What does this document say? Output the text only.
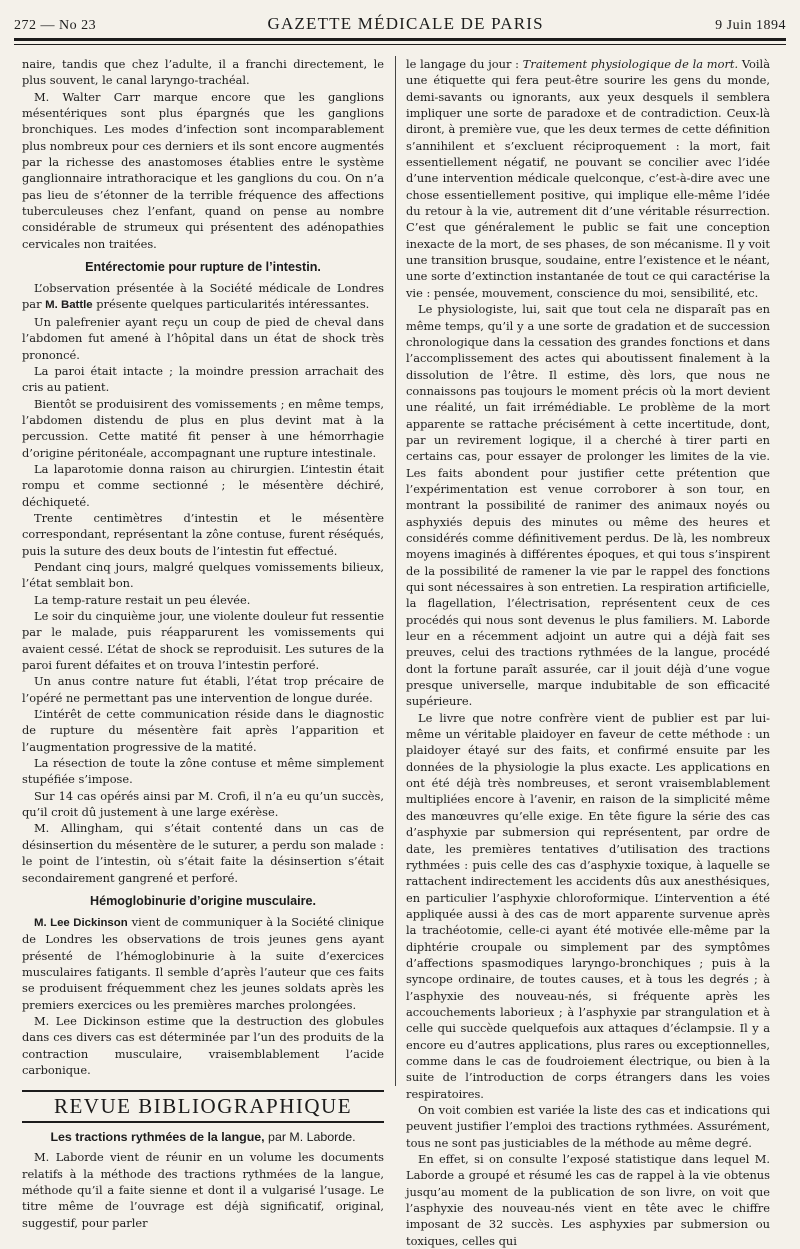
272 — No 23	GAZETTE MÉDICALE DE PARIS	9 Juin 1894

naire, tandis que chez l’adulte, il a franchi directement, le plus souvent, le canal laryngo-trachéal.

M. Walter Carr marque encore que les ganglions mésentériques sont plus épargnés que les ganglions bronchiques. Les modes d’infection sont incomparablement plus nombreux pour ces derniers et ils sont encore augmentés par la richesse des anastomoses établies entre le système ganglionnaire intrathoracique et les ganglions du cou. On n’a pas lieu de s’étonner de la terrible fréquence des affections tuberculeuses chez l’enfant, quand on pense au nombre considérable de strumeux qui présentent des adénopathies cervicales non traitées.

Entérectomie pour rupture de l’intestin.

L’observation présentée à la Société médicale de Londres par M. Battle présente quelques particularités intéressantes.

Un palefrenier ayant reçu un coup de pied de cheval dans l’abdomen fut amené à l’hôpital dans un état de shock très prononcé.

La paroi était intacte ; la moindre pression arrachait des cris au patient.

Bientôt se produisirent des vomissements ; en même temps, l’abdomen distendu de plus en plus devint mat à la percussion. Cette matité fit penser à une hémorrhagie d’origine péritonéale, accompagnant une rupture intestinale.

La laparotomie donna raison au chirurgien. L’intestin était rompu et comme sectionné ; le mésentère déchiré, déchiqueté.

Trente centimètres d’intestin et le mésentère correspondant, représentant la zône contuse, furent réséqués, puis la suture des deux bouts de l’intestin fut effectué.

Pendant cinq jours, malgré quelques vomissements bilieux, l’état semblait bon.

La temp-rature restait un peu élevée.

Le soir du cinquième jour, une violente douleur fut ressentie par le malade, puis réapparurent les vomissements qui avaient cessé. L’état de shock se reproduisit. Les sutures de la paroi furent défaites et on trouva l’intestin perforé.

Un anus contre nature fut établi, l’état trop précaire de l’opéré ne permettant pas une intervention de longue durée.

L’intérêt de cette communication réside dans le diagnostic de rupture du mésentère fait après l’apparition et l’augmentation progressive de la matité.

La résection de toute la zône contuse et même simplement stupéfiée s’impose.

Sur 14 cas opérés ainsi par M. Crofi, il n’a eu qu’un succès, qu’il croit dû justement à une large exérèse.

M. Allingham, qui s’était contenté dans un cas de désinsertion du mésentère de le suturer, a perdu son malade : le point de l’intestin, où s’était faite la désinsertion s’était secondairement gangrené et perforé.

Hémoglobinurie d’origine musculaire.

M. Lee Dickinson vient de communiquer à la Société clinique de Londres les observations de trois jeunes gens ayant présenté de l’hémoglobinurie à la suite d’exercices musculaires fatigants. Il semble d’après l’auteur que ces faits se produisent fréquemment chez les jeunes soldats après les premiers exercices ou les premières marches prolongées.

M. Lee Dickinson estime que la destruction des globules dans ces divers cas est déterminée par l’un des produits de la contraction musculaire, vraisemblablement l’acide carbonique.

REVUE BIBLIOGRAPHIQUE
Les tractions rythmées de la langue, par M. Laborde.

M. Laborde vient de réunir en un volume les documents relatifs à la méthode des tractions rythmées de la langue, méthode qu’il a faite sienne et dont il a vulgarisé l’usage. Le titre même de l’ouvrage est déjà significatif, original, suggestif, pour parler

le langage du jour : Traitement physiologique de la mort. Voilà une étiquette qui fera peut-être sourire les gens du monde, demi-savants ou ignorants, aux yeux desquels il semblera impliquer une sorte de paradoxe et de contradiction. Ceux-là diront, à première vue, que les deux termes de cette définition s’annihilent et s’excluent réciproquement : la mort, fait essentiellement négatif, ne pouvant se concilier avec l’idée d’une intervention médicale quelconque, c’est-à-dire avec une chose essentiellement positive, qui implique elle-même l’idée du retour à la vie, autrement dit d’une véritable résurrection. C’est que généralement le public se fait une conception inexacte de la mort, de ses phases, de son mécanisme. Il y voit une transition brusque, soudaine, entre l’existence et le néant, une sorte d’extinction instantanée de tout ce qui caractérise la vie : pensée, mouvement, conscience du moi, sensibilité, etc.

Le physiologiste, lui, sait que tout cela ne disparaît pas en même temps, qu’il y a une sorte de gradation et de succession chronologique dans la cessation des grandes fonctions et dans l’accomplissement des actes qui aboutissent finalement à la dissolution de l’être. Il estime, dès lors, que nous ne connaissons pas toujours le moment précis où la mort devient une réalité, un fait irrémédiable. Le problème de la mort apparente se rattache précisément à cette incertitude, dont, par un revirement logique, il a cherché à tirer parti en certains cas, pour essayer de prolonger les limites de la vie. Les faits abondent pour justifier cette prétention que l’expérimentation est venue corroborer à son tour, en montrant la possibilité de ranimer des animaux noyés ou asphyxiés depuis des minutes ou même des heures et considérés comme définitivement perdus. De là, les nombreux moyens imaginés à différentes époques, et qui tous s’inspirent de la possibilité de ramener la vie par le rappel des fonctions qui sont nécessaires à son entretien. La respiration artificielle, la flagellation, l’électrisation, représentent ceux de ces procédés qui nous sont devenus le plus familiers. M. Laborde leur en a récemment adjoint un autre qui a déjà fait ses preuves, celui des tractions rythmées de la langue, procédé dont la fortune paraît assurée, car il jouit déjà d’une vogue presque universelle, marque indubitable de son efficacité supérieure.

Le livre que notre confrère vient de publier est par lui-même un véritable plaidoyer en faveur de cette méthode : un plaidoyer étayé sur des faits, et confirmé ensuite par les données de la physiologie la plus exacte. Les applications en ont été déjà très nombreuses, et seront vraisemblablement multipliées encore à l’avenir, en raison de la simplicité même des manœuvres qu’elle exige. En tête figure la série des cas d’asphyxie par submersion qui représentent, par ordre de date, les premières tentatives d’utilisation des tractions rythmées : puis celle des cas d’asphyxie toxique, à laquelle se rattachent indirectement les accidents dûs aux anesthésiques, en particulier l’asphyxie chloroformique. L’intervention a été appliquée aussi à des cas de mort apparente survenue après la trachéotomie, celle-ci ayant été motivée elle-même par la diphtérie croupale ou simplement par des symptômes d’affections spasmodiques laryngo-bronchiques ; puis à la syncope ordinaire, de toutes causes, et à tous les degrés ; à l’asphyxie des nouveau-nés, si fréquente après les accouchements laborieux ; à l’asphyxie par strangulation et à celle qui succède quelquefois aux attaques d’éclampsie. Il y a encore eu d’autres applications, plus rares ou exceptionnelles, comme dans le cas de foudroiement électrique, ou bien à la suite de l’introduction de corps étrangers dans les voies respiratoires.

On voit combien est variée la liste des cas et indications qui peuvent justifier l’emploi des tractions rythmées. Assurément, tous ne sont pas justiciables de la méthode au même degré.

En effet, si on consulte l’exposé statistique dans lequel M. Laborde a groupé et résumé les cas de rappel à la vie obtenus jusqu’au moment de la publication de son livre, on voit que l’asphyxie des nouveau-nés vient en tête avec le chiffre imposant de 32 succès. Les asphyxies par submersion ou toxiques, celles qui
